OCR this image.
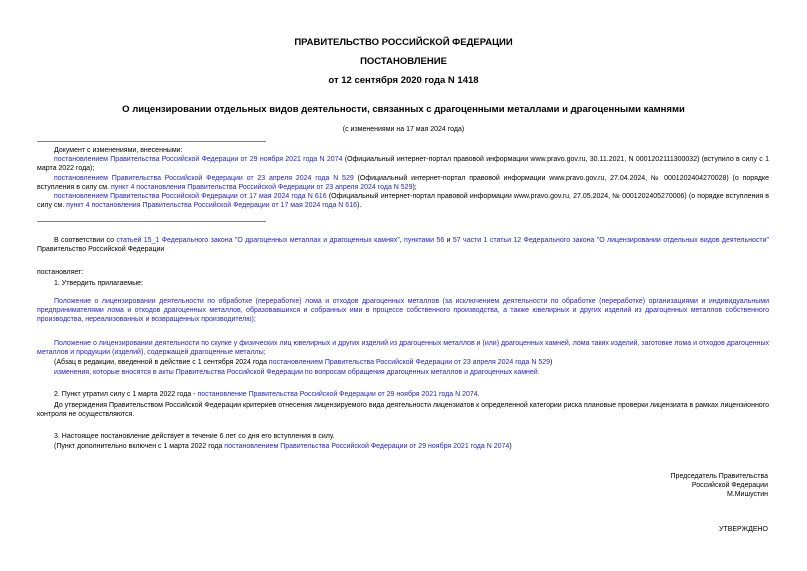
ПРАВИТЕЛЬСТВО РОССИЙСКОЙ ФЕДЕРАЦИИ
ПОСТАНОВЛЕНИЕ
от 12 сентября 2020 года N 1418
О лицензировании отдельных видов деятельности, связанных с драгоценными металлами и драгоценными камнями
(с изменениями на 17 мая 2024 года)
Документ с изменениями, внесенными:
постановлением Правительства Российской Федерации от 29 ноября 2021 года N 2074 (Официальный интернет-портал правовой информации www.pravo.gov.ru, 30.11.2021, N 0001202111300032) (вступило в силу с 1 марта 2022 года);
постановлением Правительства Российской Федерации от 23 апреля 2024 года N 529 (Официальный интернет-портал правовой информации www.pravo.gov.ru, 27.04.2024, № 0001202404270028) (о порядке вступления в силу см. пункт 4 постановления Правительства Российской Федерации от 23 апреля 2024 года N 529);
постановлением Правительства Российской Федерации от 17 мая 2024 года N 616 (Официальный интернет-портал правовой информации www.pravo.gov.ru, 27.05.2024, № 0001202405270006) (о порядке вступления в силу см. пункт 4 постановления Правительства Российской Федерации от 17 мая 2024 года N 616).
В соответствии со статьей 15_1 Федерального закона "О драгоценных металлах и драгоценных камнях", пунктами 56 и 57 части 1 статьи 12 Федерального закона "О лицензировании отдельных видов деятельности" Правительство Российской Федерации
постановляет:
1. Утвердить прилагаемые:
Положение о лицензировании деятельности по обработке (переработке) лома и отходов драгоценных металлов (за исключением деятельности по обработке (переработке) организациями и индивидуальными предпринимателями лома и отходов драгоценных металлов, образовавшихся и собранных ими в процессе собственного производства, а также ювелирных и других изделий из драгоценных металлов собственного производства, нереализованных и возвращенных производителю);
Положение о лицензировании деятельности по скупке у физических лиц ювелирных и других изделий из драгоценных металлов и (или) драгоценных камней, лома таких изделий, заготовке лома и отходов драгоценных металлов и продукции (изделий), содержащей драгоценные металлы;
(Абзац в редакции, введенной в действие с 1 сентября 2024 года постановлением Правительства Российской Федерации от 23 апреля 2024 года N 529)
изменения, которые вносятся в акты Правительства Российской Федерации по вопросам обращения драгоценных металлов и драгоценных камней.
2. Пункт утратил силу с 1 марта 2022 года - постановление Правительства Российской Федерации от 29 ноября 2021 года N 2074.
До утверждения Правительством Российской Федерации критериев отнесения лицензируемого вида деятельности лицензиатов к определенной категории риска плановые проверки лицензиата в рамках лицензионного контроля не осуществляются.
3. Настоящее постановление действует в течение 6 лет со дня его вступления в силу.
(Пункт дополнительно включен с 1 марта 2022 года постановлением Правительства Российской Федерации от 29 ноября 2021 года N 2074)
Председатель Правительства
Российской Федерации
М.Мишустин
УТВЕРЖДЕНО
